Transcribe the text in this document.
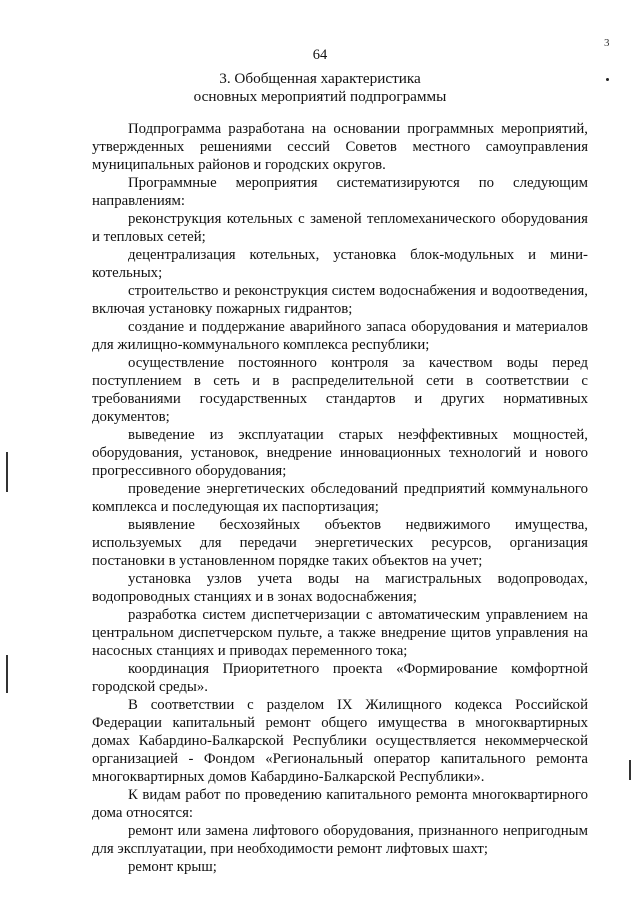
64
3
3. Обобщенная характеристика
основных мероприятий подпрограммы

Подпрограмма разработана на основании программных мероприятий, утвержденных решениями сессий Советов местного самоуправления муниципальных районов и городских округов.

Программные мероприятия систематизируются по следующим направлениям:

реконструкция котельных с заменой тепломеханического оборудования и тепловых сетей;

децентрализация котельных, установка блок-модульных и мини-котельных;

строительство и реконструкция систем водоснабжения и водоотведения, включая установку пожарных гидрантов;

создание и поддержание аварийного запаса оборудования и материалов для жилищно-коммунального комплекса республики;

осуществление постоянного контроля за качеством воды перед поступлением в сеть и в распределительной сети в соответствии с требованиями государственных стандартов и других нормативных документов;

выведение из эксплуатации старых неэффективных мощностей, оборудования, установок, внедрение инновационных технологий и нового прогрессивного оборудования;

проведение энергетических обследований предприятий коммунального комплекса и последующая их паспортизация;

выявление бесхозяйных объектов недвижимого имущества, используемых для передачи энергетических ресурсов, организация постановки в установленном порядке таких объектов на учет;

установка узлов учета воды на магистральных водопроводах, водопроводных станциях и в зонах водоснабжения;

разработка систем диспетчеризации с автоматическим управлением на центральном диспетчерском пульте, а также внедрение щитов управления на насосных станциях и приводах переменного тока;

координация Приоритетного проекта «Формирование комфортной городской среды».

В соответствии с разделом IX Жилищного кодекса Российской Федерации капитальный ремонт общего имущества в многоквартирных домах Кабардино-Балкарской Республики осуществляется некоммерческой организацией - Фондом «Региональный оператор капитального ремонта многоквартирных домов Кабардино-Балкарской Республики».

К видам работ по проведению капитального ремонта многоквартирного дома относятся:

ремонт или замена лифтового оборудования, признанного непригодным для эксплуатации, при необходимости ремонт лифтовых шахт;

ремонт крыш;
